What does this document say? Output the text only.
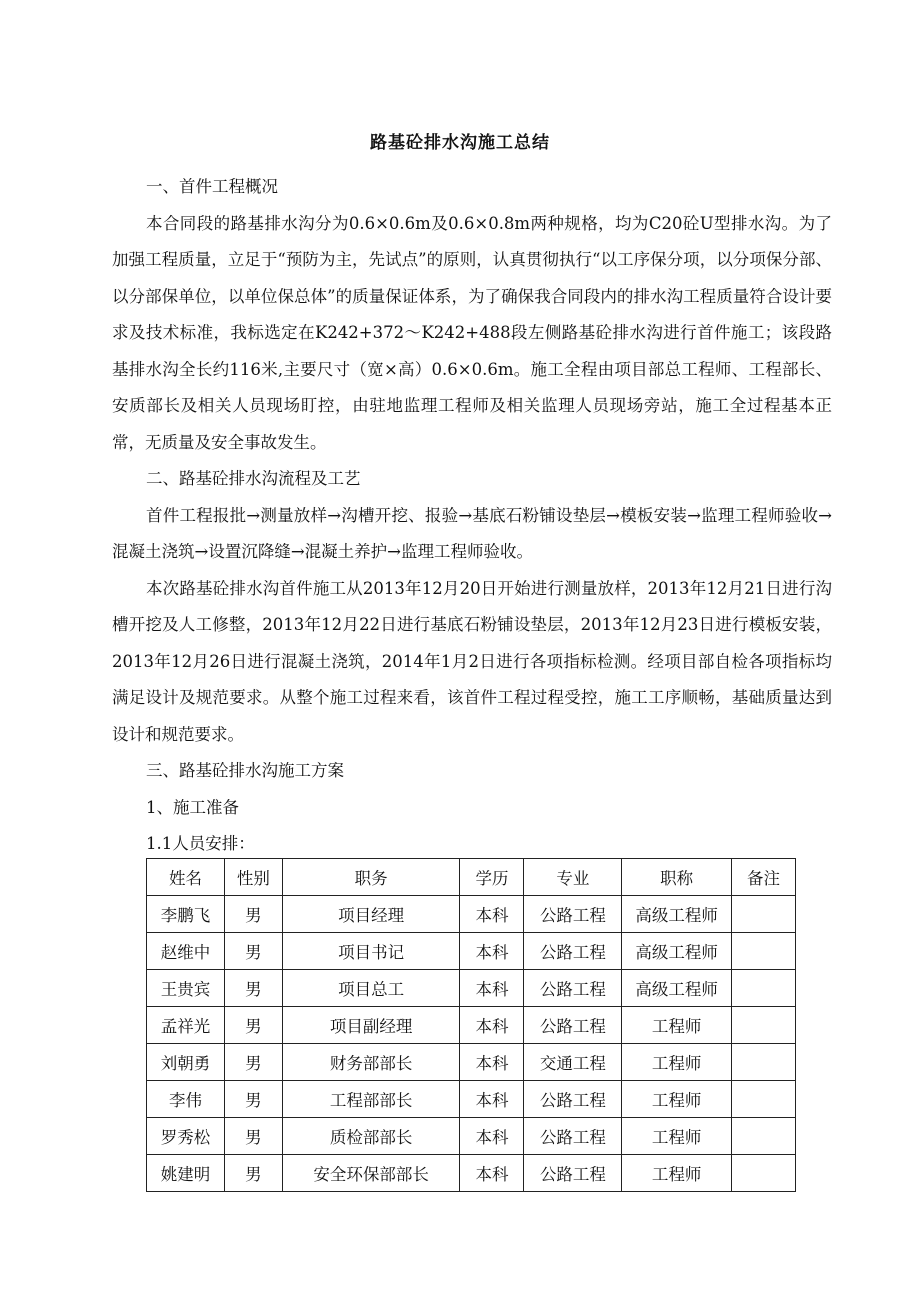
路基砼排水沟施工总结

一、首件工程概况

本合同段的路基排水沟分为0.6×0.6m及0.6×0.8m两种规格，均为C20砼U型排水沟。为了加强工程质量，立足于“预防为主，先试点”的原则，认真贯彻执行“以工序保分项，以分项保分部、以分部保单位，以单位保总体”的质量保证体系，为了确保我合同段内的排水沟工程质量符合设计要求及技术标准，我标选定在K242+372～K242+488段左侧路基砼排水沟进行首件施工；该段路基排水沟全长约116米,主要尺寸（宽×高）0.6×0.6m。施工全程由项目部总工程师、工程部长、安质部长及相关人员现场盯控，由驻地监理工程师及相关监理人员现场旁站，施工全过程基本正常，无质量及安全事故发生。

二、路基砼排水沟流程及工艺

首件工程报批→测量放样→沟槽开挖、报验→基底石粉铺设垫层→模板安装→监理工程师验收→混凝土浇筑→设置沉降缝→混凝土养护→监理工程师验收。

本次路基砼排水沟首件施工从2013年12月20日开始进行测量放样，2013年12月21日进行沟槽开挖及人工修整，2013年12月22日进行基底石粉铺设垫层，2013年12月23日进行模板安装，2013年12月26日进行混凝土浇筑，2014年1月2日进行各项指标检测。经项目部自检各项指标均满足设计及规范要求。从整个施工过程来看，该首件工程过程受控，施工工序顺畅，基础质量达到设计和规范要求。

三、路基砼排水沟施工方案

1、施工准备

1.1人员安排：

姓名	性别	职务	学历	专业	职称	备注
李鹏飞	男	项目经理	本科	公路工程	高级工程师	
赵维中	男	项目书记	本科	公路工程	高级工程师	
王贵宾	男	项目总工	本科	公路工程	高级工程师	
孟祥光	男	项目副经理	本科	公路工程	工程师	
刘朝勇	男	财务部部长	本科	交通工程	工程师	
李伟	男	工程部部长	本科	公路工程	工程师	
罗秀松	男	质检部部长	本科	公路工程	工程师	
姚建明	男	安全环保部部长	本科	公路工程	工程师	
